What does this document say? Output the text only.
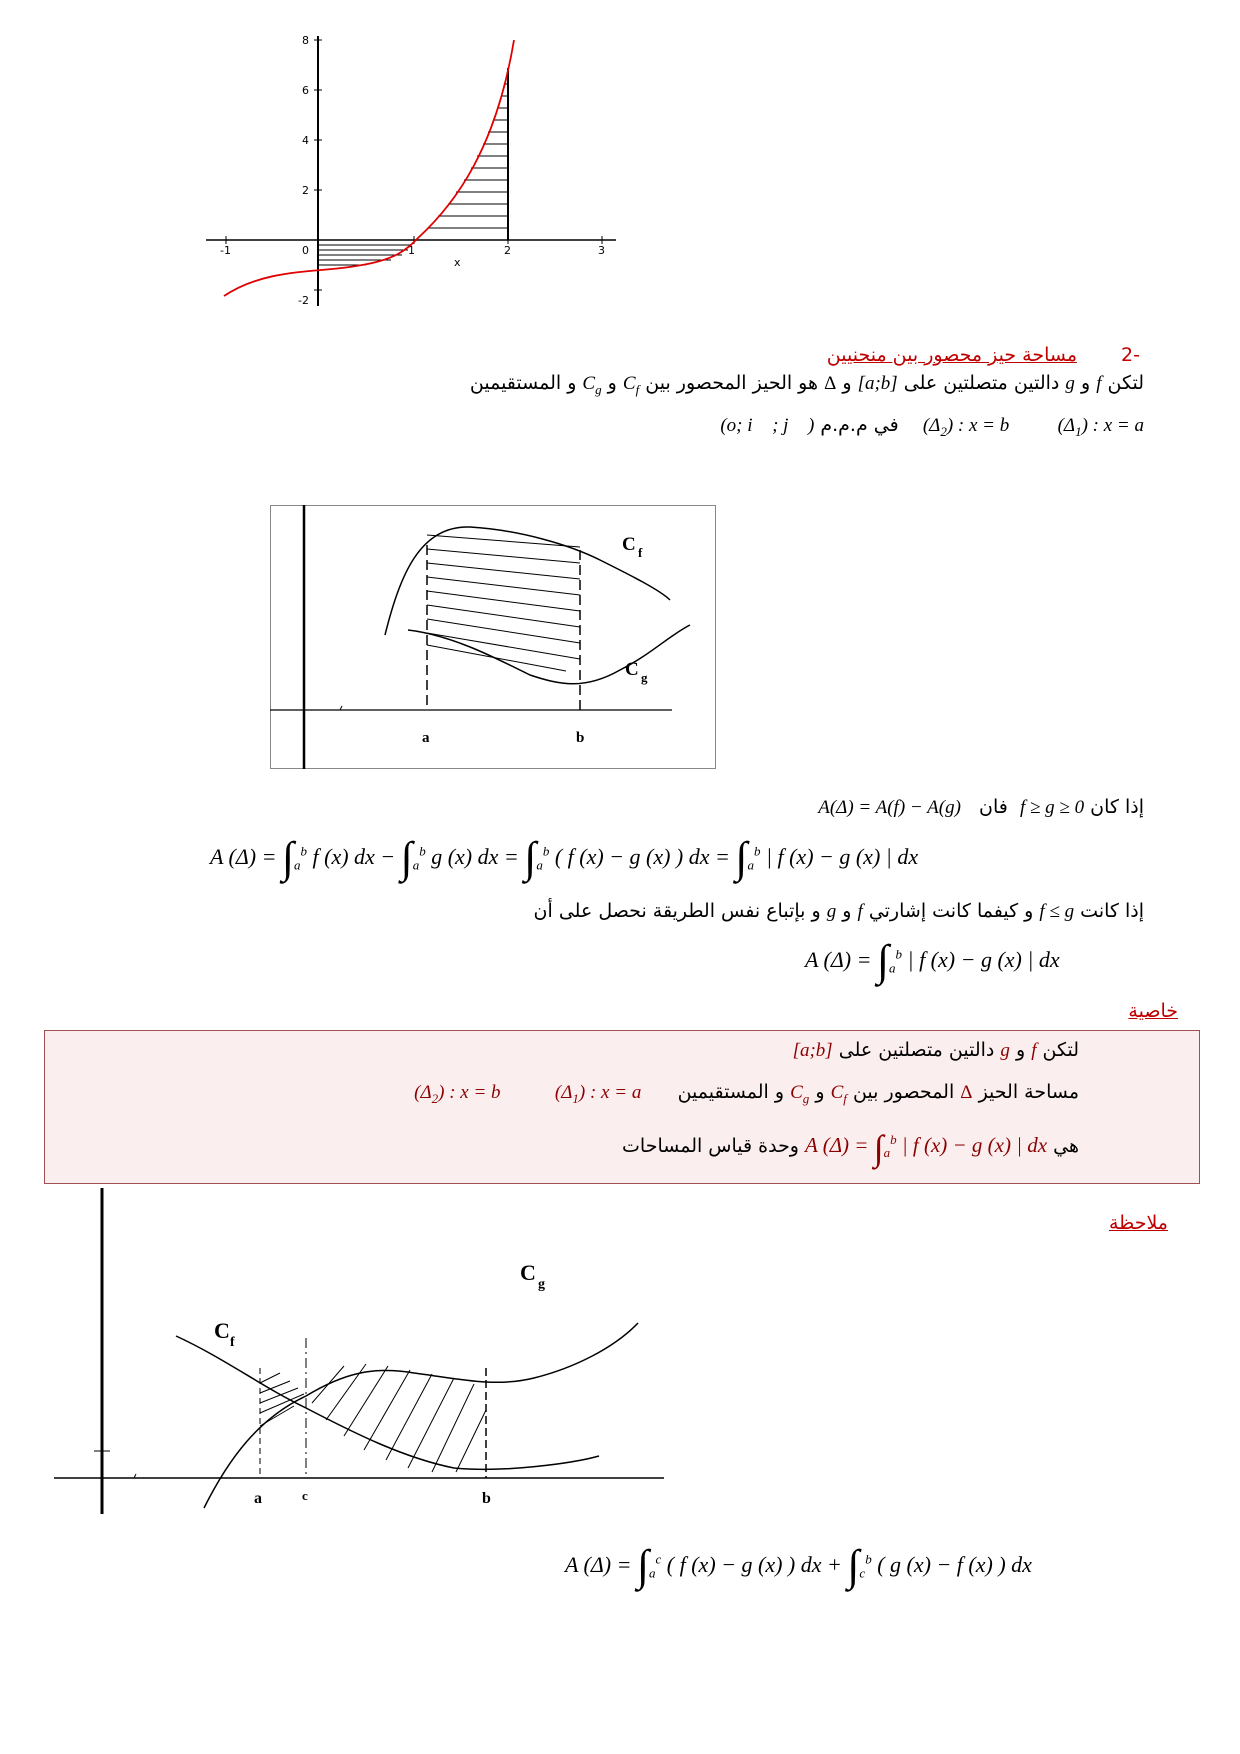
8
6
4
2
0
-2
-1	1	2	3
x
-2 مساحة حيز محصور بين منحنيين
لتكن f و g دالتين متصلتين على [a;b] و Δ هو الحيز المحصور بين $C_f$ و $C_g$ و المستقيمين
$(\Delta_1)$ : x = a        $(\Delta_2)$ : x = b    في م.م.م (o; i⃗ ; j⃗ )
C f
C g
a	b
إذا كان f ≥ g ≥ 0  فان   A(Δ) = A(f) − A(g)
A $(\Delta) = \int_a^b$ f (x) dx − $\int_a^b$ g (x) dx = $\int_a^b$ ( f (x) − g (x) ) dx = $\int_a^b$ | f (x) − g (x) | dx
إذا كانت f ≤ g و كيفما كانت إشارتي f و g و بإتباع نفس الطريقة نحصل على أن
A $(\Delta) = \int_a^b$ | f (x) − g (x) | dx
خاصية
لتكن f و g دالتين متصلتين على [a;b]
مساحة الحيز Δ المحصور بين $C_f$ و $C_g$ و المستقيمين      $(\Delta_1)$ : x = a         $(\Delta_2)$ : x = b
هي A $(\Delta) = \int_a^b$ | f (x) − g (x) | dx وحدة قياس المساحات
ملاحظة
C f
C g
a	c	b
A $(\Delta) = \int_a^c$ ( f (x) − g (x) ) dx + $\int_c^b$ ( g (x) − f (x) ) dx
